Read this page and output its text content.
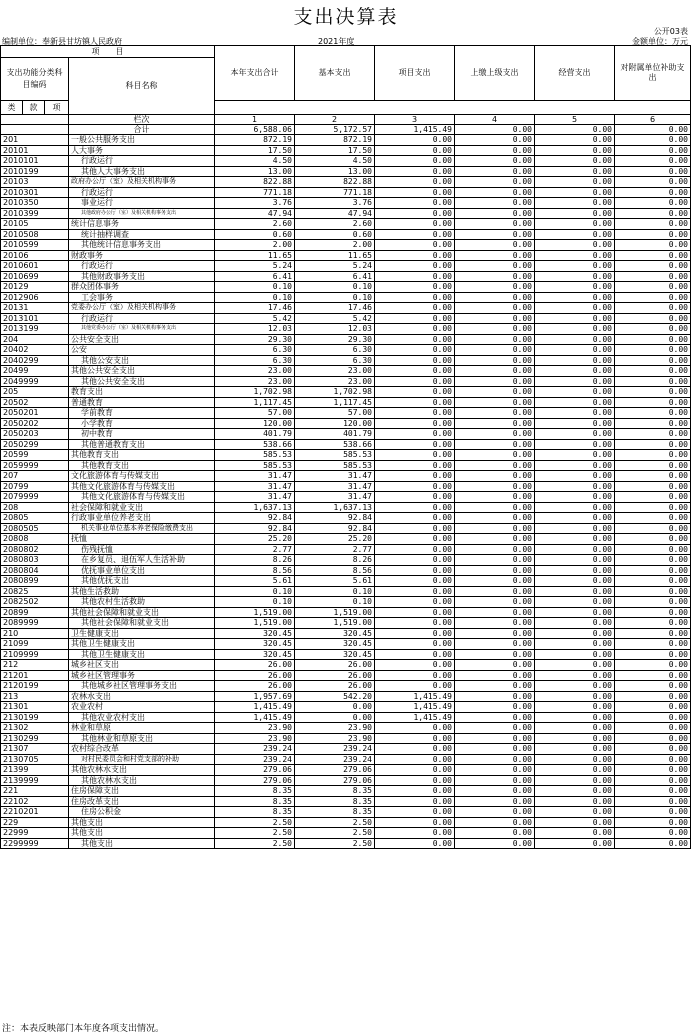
支出决算表
公开03表
编制单位：奉新县甘坊镇人民政府	2021年度	金额单位：万元
项　　目				本年支出合计	基本支出	项目支出	上缴上级支出	经营支出	对附属单位补助支出
支出功能分类科目编码			科目名称						
类	款	项							
			栏次	1	2	3	4	5	6
			合计	6,588.06	5,172.57	1,415.49	0.00	0.00	0.00
201			一般公共服务支出	872.19	872.19	0.00	0.00	0.00	0.00
20101			人大事务	17.50	17.50	0.00	0.00	0.00	0.00
2010101			行政运行	4.50	4.50	0.00	0.00	0.00	0.00
2010199			其他人大事务支出	13.00	13.00	0.00	0.00	0.00	0.00
20103			政府办公厅（室）及相关机构事务	822.88	822.88	0.00	0.00	0.00	0.00
2010301			行政运行	771.18	771.18	0.00	0.00	0.00	0.00
2010350			事业运行	3.76	3.76	0.00	0.00	0.00	0.00
2010399			其他政府办公厅（室）及相关机构事务支出	47.94	47.94	0.00	0.00	0.00	0.00
20105			统计信息事务	2.60	2.60	0.00	0.00	0.00	0.00
2010508			统计抽样调查	0.60	0.60	0.00	0.00	0.00	0.00
2010599			其他统计信息事务支出	2.00	2.00	0.00	0.00	0.00	0.00
20106			财政事务	11.65	11.65	0.00	0.00	0.00	0.00
2010601			行政运行	5.24	5.24	0.00	0.00	0.00	0.00
2010699			其他财政事务支出	6.41	6.41	0.00	0.00	0.00	0.00
20129			群众团体事务	0.10	0.10	0.00	0.00	0.00	0.00
2012906			工会事务	0.10	0.10	0.00	0.00	0.00	0.00
20131			党委办公厅（室）及相关机构事务	17.46	17.46	0.00	0.00	0.00	0.00
2013101			行政运行	5.42	5.42	0.00	0.00	0.00	0.00
2013199			其他党委办公厅（室）及相关机构事务支出	12.03	12.03	0.00	0.00	0.00	0.00
204			公共安全支出	29.30	29.30	0.00	0.00	0.00	0.00
20402			公安	6.30	6.30	0.00	0.00	0.00	0.00
2040299			其他公安支出	6.30	6.30	0.00	0.00	0.00	0.00
20499			其他公共安全支出	23.00	23.00	0.00	0.00	0.00	0.00
2049999			其他公共安全支出	23.00	23.00	0.00	0.00	0.00	0.00
205			教育支出	1,702.98	1,702.98	0.00	0.00	0.00	0.00
20502			普通教育	1,117.45	1,117.45	0.00	0.00	0.00	0.00
2050201			学前教育	57.00	57.00	0.00	0.00	0.00	0.00
2050202			小学教育	120.00	120.00	0.00	0.00	0.00	0.00
2050203			初中教育	401.79	401.79	0.00	0.00	0.00	0.00
2050299			其他普通教育支出	538.66	538.66	0.00	0.00	0.00	0.00
20599			其他教育支出	585.53	585.53	0.00	0.00	0.00	0.00
2059999			其他教育支出	585.53	585.53	0.00	0.00	0.00	0.00
207			文化旅游体育与传媒支出	31.47	31.47	0.00	0.00	0.00	0.00
20799			其他文化旅游体育与传媒支出	31.47	31.47	0.00	0.00	0.00	0.00
2079999			其他文化旅游体育与传媒支出	31.47	31.47	0.00	0.00	0.00	0.00
208			社会保障和就业支出	1,637.13	1,637.13	0.00	0.00	0.00	0.00
20805			行政事业单位养老支出	92.84	92.84	0.00	0.00	0.00	0.00
2080505			机关事业单位基本养老保险缴费支出	92.84	92.84	0.00	0.00	0.00	0.00
20808			抚恤	25.20	25.20	0.00	0.00	0.00	0.00
2080802			伤残抚恤	2.77	2.77	0.00	0.00	0.00	0.00
2080803			在乡复员、退伍军人生活补助	8.26	8.26	0.00	0.00	0.00	0.00
2080804			优抚事业单位支出	8.56	8.56	0.00	0.00	0.00	0.00
2080899			其他优抚支出	5.61	5.61	0.00	0.00	0.00	0.00
20825			其他生活救助	0.10	0.10	0.00	0.00	0.00	0.00
2082502			其他农村生活救助	0.10	0.10	0.00	0.00	0.00	0.00
20899			其他社会保障和就业支出	1,519.00	1,519.00	0.00	0.00	0.00	0.00
2089999			其他社会保障和就业支出	1,519.00	1,519.00	0.00	0.00	0.00	0.00
210			卫生健康支出	320.45	320.45	0.00	0.00	0.00	0.00
21099			其他卫生健康支出	320.45	320.45	0.00	0.00	0.00	0.00
2109999			其他卫生健康支出	320.45	320.45	0.00	0.00	0.00	0.00
212			城乡社区支出	26.00	26.00	0.00	0.00	0.00	0.00
21201			城乡社区管理事务	26.00	26.00	0.00	0.00	0.00	0.00
2120199			其他城乡社区管理事务支出	26.00	26.00	0.00	0.00	0.00	0.00
213			农林水支出	1,957.69	542.20	1,415.49	0.00	0.00	0.00
21301			农业农村	1,415.49	0.00	1,415.49	0.00	0.00	0.00
2130199			其他农业农村支出	1,415.49	0.00	1,415.49	0.00	0.00	0.00
21302			林业和草原	23.90	23.90	0.00	0.00	0.00	0.00
2130299			其他林业和草原支出	23.90	23.90	0.00	0.00	0.00	0.00
21307			农村综合改革	239.24	239.24	0.00	0.00	0.00	0.00
2130705			对村民委员会和村党支部的补助	239.24	239.24	0.00	0.00	0.00	0.00
21399			其他农林水支出	279.06	279.06	0.00	0.00	0.00	0.00
2139999			其他农林水支出	279.06	279.06	0.00	0.00	0.00	0.00
221			住房保障支出	8.35	8.35	0.00	0.00	0.00	0.00
22102			住房改革支出	8.35	8.35	0.00	0.00	0.00	0.00
2210201			住房公积金	8.35	8.35	0.00	0.00	0.00	0.00
229			其他支出	2.50	2.50	0.00	0.00	0.00	0.00
22999			其他支出	2.50	2.50	0.00	0.00	0.00	0.00
2299999			其他支出	2.50	2.50	0.00	0.00	0.00	0.00
注：本表反映部门本年度各项支出情况。
